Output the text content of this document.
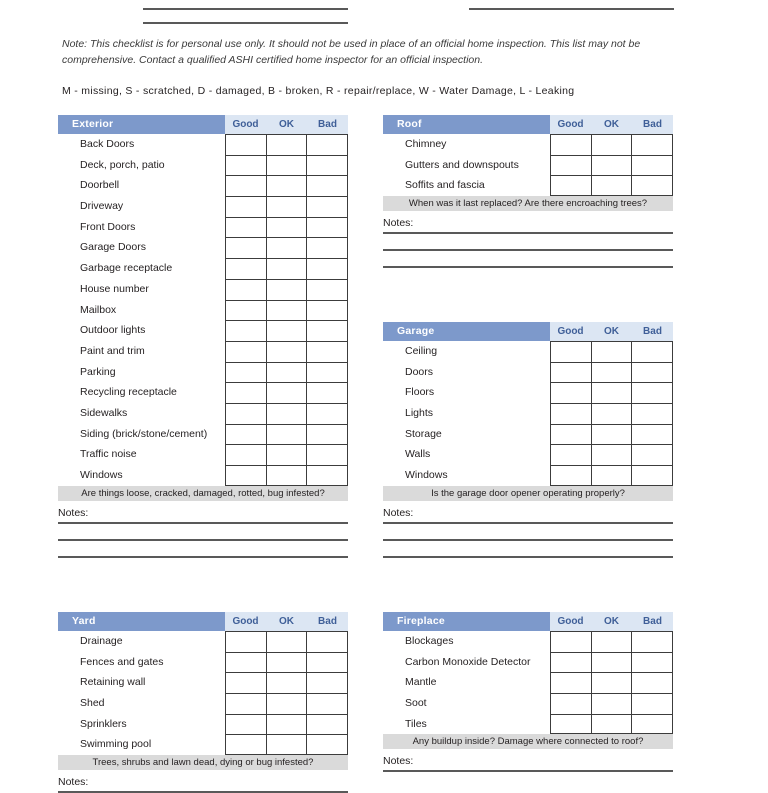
Note: This checklist is for personal use only. It should not be used in place of an official home inspection. This list may not be comprehensive. Contact a qualified ASHI certified home inspector for an official inspection.
M - missing, S - scratched, D - damaged, B - broken, R - repair/replace, W - Water Damage, L - Leaking
Exterior	Good	OK	Bad
Back Doors
Deck, porch, patio
Doorbell
Driveway
Front Doors
Garage Doors
Garbage receptacle
House number
Mailbox
Outdoor lights
Paint and trim
Parking
Recycling receptacle
Sidewalks
Siding (brick/stone/cement)
Traffic noise
Windows
Are things loose, cracked, damaged, rotted, bug infested?
Notes:
Roof	Good	OK	Bad
Chimney
Gutters and downspouts
Soffits and fascia
When was it last replaced? Are there encroaching trees?
Notes:
Garage	Good	OK	Bad
Ceiling
Doors
Floors
Lights
Storage
Walls
Windows
Is the garage door opener operating properly?
Notes:
Yard	Good	OK	Bad
Drainage
Fences and gates
Retaining wall
Shed
Sprinklers
Swimming pool
Trees, shrubs and lawn dead, dying or bug infested?
Notes:
Fireplace	Good	OK	Bad
Blockages
Carbon Monoxide Detector
Mantle
Soot
Tiles
Any buildup inside? Damage where connected to roof?
Notes:
